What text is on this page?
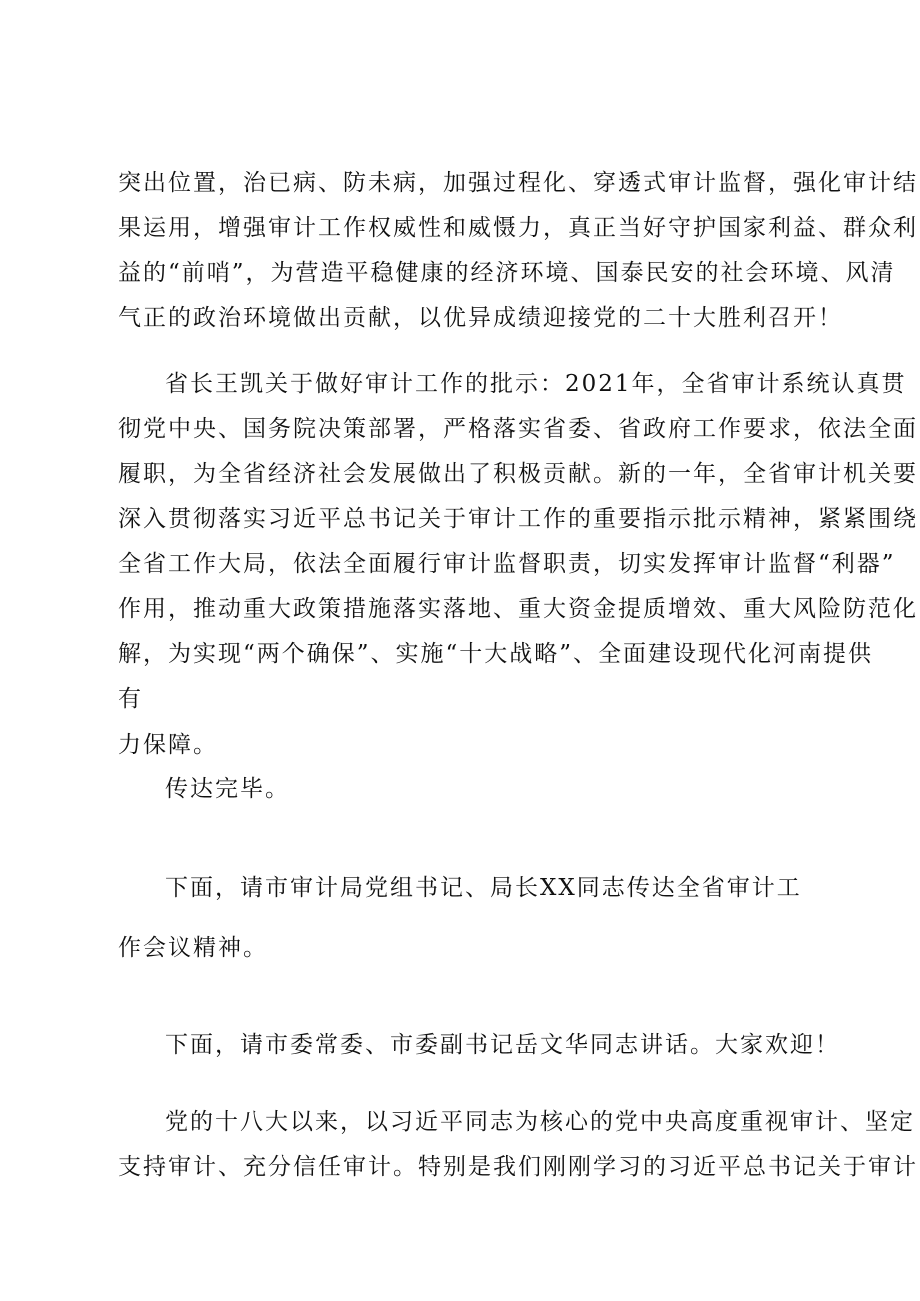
突出位置，治已病、防未病，加强过程化、穿透式审计监督，强化审计结
果运用，增强审计工作权威性和威慑力，真正当好守护国家利益、群众利
益的“前哨”，为营造平稳健康的经济环境、国泰民安的社会环境、风清
气正的政治环境做出贡献，以优异成绩迎接党的二十大胜利召开！
省长王凯关于做好审计工作的批示：2021年，全省审计系统认真贯
彻党中央、国务院决策部署，严格落实省委、省政府工作要求，依法全面
履职，为全省经济社会发展做出了积极贡献。新的一年，全省审计机关要
深入贯彻落实习近平总书记关于审计工作的重要指示批示精神，紧紧围绕
全省工作大局，依法全面履行审计监督职责，切实发挥审计监督“利器”
作用，推动重大政策措施落实落地、重大资金提质增效、重大风险防范化
解，为实现“两个确保”、实施“十大战略”、全面建设现代化河南提供
有
力保障。
传达完毕。
下面，请市审计局党组书记、局长XX同志传达全省审计工
作会议精神。
下面，请市委常委、市委副书记岳文华同志讲话。大家欢迎！
党的十八大以来，以习近平同志为核心的党中央高度重视审计、坚定
支持审计、充分信任审计。特别是我们刚刚学习的习近平总书记关于审计
